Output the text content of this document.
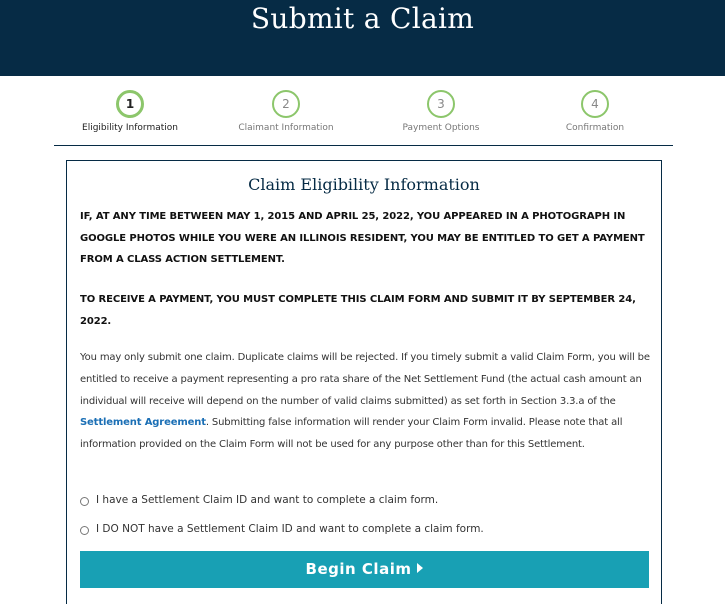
Submit a Claim
1
Eligibility Information
2
Claimant Information
3
Payment Options
4
Confirmation
Claim Eligibility Information
IF, AT ANY TIME BETWEEN MAY 1, 2015 AND APRIL 25, 2022, YOU APPEARED IN A PHOTOGRAPH IN GOOGLE PHOTOS WHILE YOU WERE AN ILLINOIS RESIDENT, YOU MAY BE ENTITLED TO GET A PAYMENT FROM A CLASS ACTION SETTLEMENT.
TO RECEIVE A PAYMENT, YOU MUST COMPLETE THIS CLAIM FORM AND SUBMIT IT BY SEPTEMBER 24, 2022.
You may only submit one claim. Duplicate claims will be rejected. If you timely submit a valid Claim Form, you will be entitled to receive a payment representing a pro rata share of the Net Settlement Fund (the actual cash amount an individual will receive will depend on the number of valid claims submitted) as set forth in Section 3.3.a of the Settlement Agreement. Submitting false information will render your Claim Form invalid. Please note that all information provided on the Claim Form will not be used for any purpose other than for this Settlement.
I have a Settlement Claim ID and want to complete a claim form.
I DO NOT have a Settlement Claim ID and want to complete a claim form.
Begin Claim
